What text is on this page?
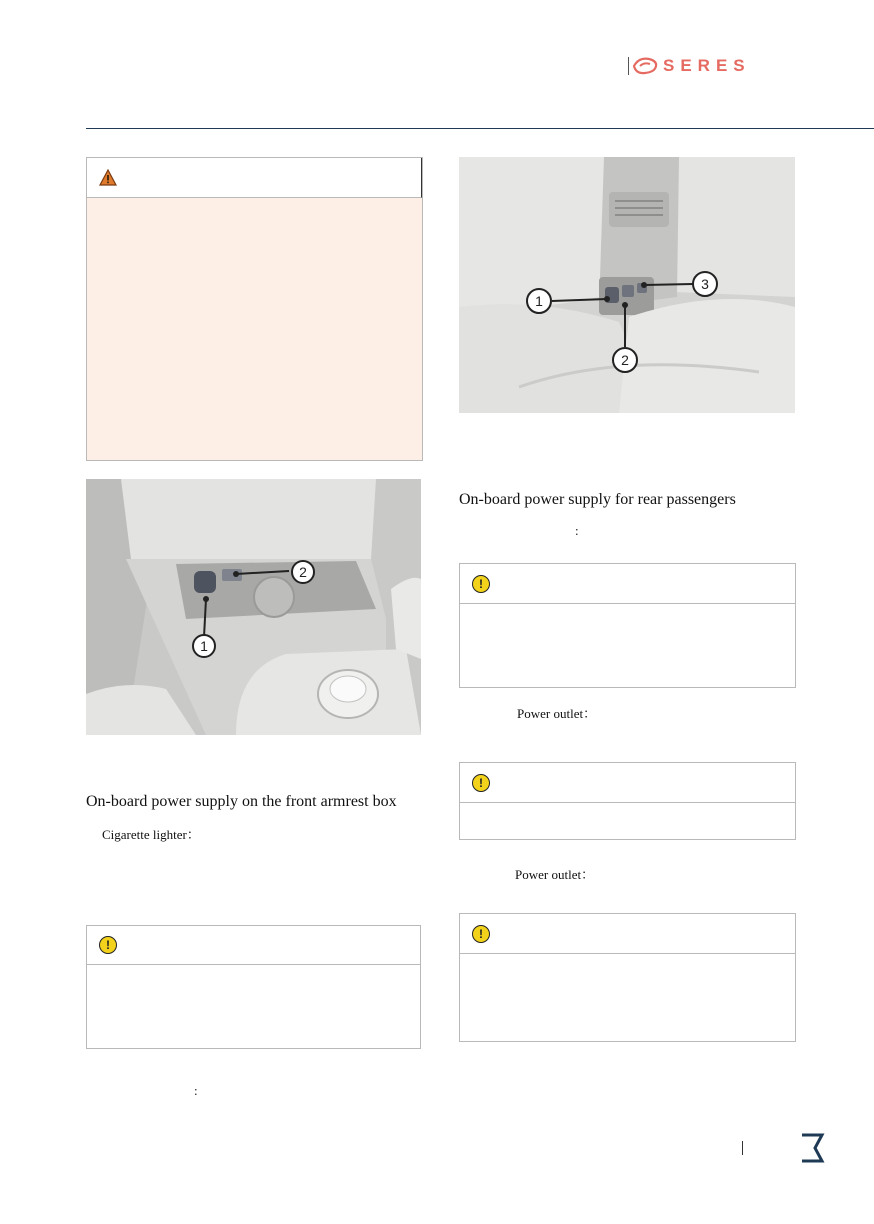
SERES
1
2
On-board power supply on the front armrest box
Cigarette lighter：
!
:
1
2
3
On-board power supply for rear passengers
:
!
Power outlet：
!
Power outlet：
!
